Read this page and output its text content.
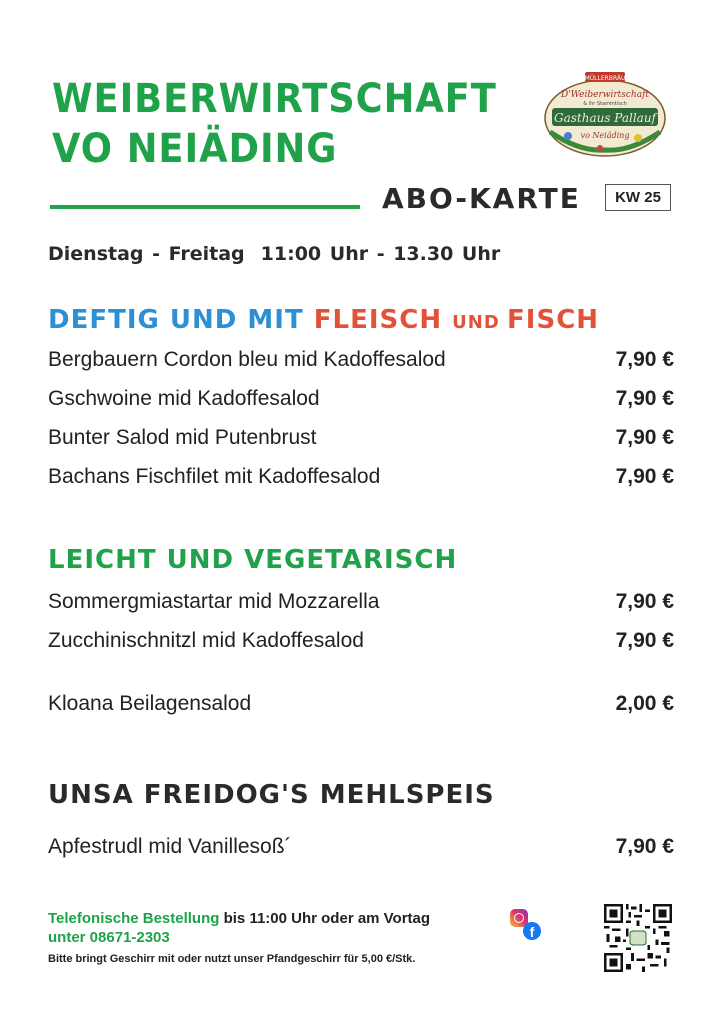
WEIBERWIRTSCHAFT
VO NEIÄDING
MÜLLERBRÄU
D'Weiberwirtschaft
& ihr Stammtisch
Gasthaus Pallauf
vo Neiäding
ABO-KARTE	KW 25
Dienstag - Freitag 11:00 Uhr - 13.30 Uhr
DEFTIG UND MIT FLEISCH UND FISCH
Bergbauern Cordon bleu mid Kadoffesalod	7,90 €
Gschwoine mid Kadoffesalod	7,90 €
Bunter Salod mid Putenbrust	7,90 €
Bachans Fischfilet mit Kadoffesalod	7,90 €
LEICHT UND VEGETARISCH
Sommergmiastartar mid Mozzarella	7,90 €
Zucchinischnitzl mid Kadoffesalod	7,90 €
Kloana Beilagensalod	2,00 €
UNSA FREIDOG'S MEHLSPEIS
Apfestrudl mid Vanillesoß´	7,90 €
Telefonische Bestellung bis 11:00 Uhr oder am Vortag
unter 08671-2303
Bitte bringt Geschirr mit oder nutzt unser Pfandgeschirr für 5,00 €/Stk.
f
